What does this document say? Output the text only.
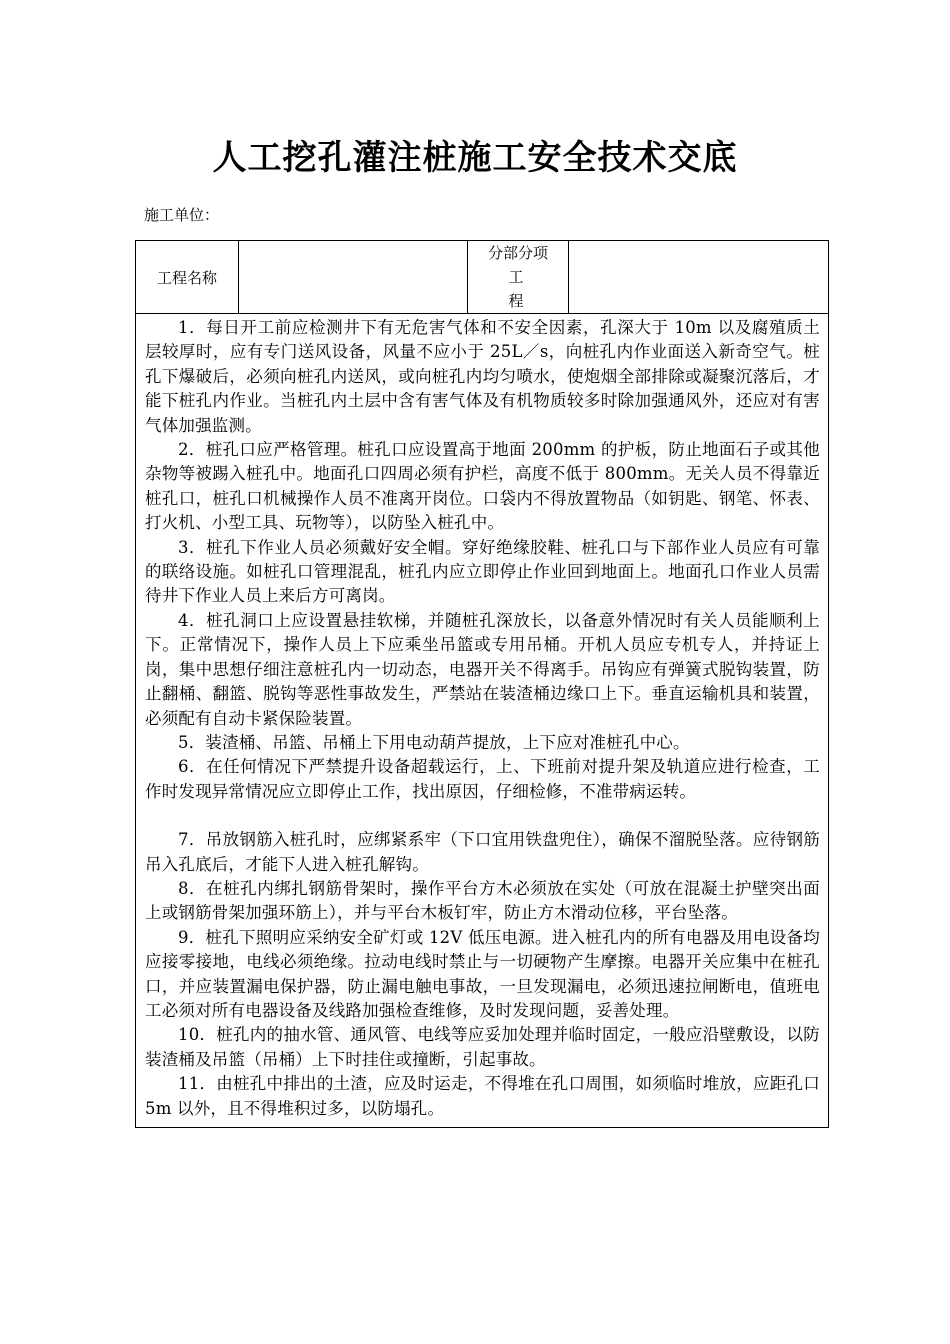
人工挖孔灌注桩施工安全技术交底
施工单位：
工程名称		分部分项
工程

1．每日开工前应检测井下有无危害气体和不安全因素，孔深大于 10m 以及腐殖质土层较厚时，应有专门送风设备，风量不应小于 25L／s，向桩孔内作业面送入新奇空气。桩孔下爆破后，必须向桩孔内送风，或向桩孔内均匀喷水，使炮烟全部排除或凝聚沉落后，才能下桩孔内作业。当桩孔内土层中含有害气体及有机物质较多时除加强通风外，还应对有害气体加强监测。

2．桩孔口应严格管理。桩孔口应设置高于地面 200mm 的护板，防止地面石子或其他杂物等被踢入桩孔中。地面孔口四周必须有护栏，高度不低于 800mm。无关人员不得靠近桩孔口，桩孔口机械操作人员不准离开岗位。口袋内不得放置物品（如钥匙、钢笔、怀表、打火机、小型工具、玩物等），以防坠入桩孔中。

3．桩孔下作业人员必须戴好安全帽。穿好绝缘胶鞋、桩孔口与下部作业人员应有可靠的联络设施。如桩孔口管理混乱，桩孔内应立即停止作业回到地面上。地面孔口作业人员需待井下作业人员上来后方可离岗。

4．桩孔洞口上应设置悬挂软梯，并随桩孔深放长，以备意外情况时有关人员能顺利上下。正常情况下，操作人员上下应乘坐吊篮或专用吊桶。开机人员应专机专人，并持证上岗，集中思想仔细注意桩孔内一切动态，电器开关不得离手。吊钩应有弹簧式脱钩装置，防止翻桶、翻篮、脱钩等恶性事故发生，严禁站在装渣桶边缘口上下。垂直运输机具和装置，必须配有自动卡紧保险装置。

5．装渣桶、吊篮、吊桶上下用电动葫芦提放，上下应对准桩孔中心。

6．在任何情况下严禁提升设备超载运行，上、下班前对提升架及轨道应进行检查，工作时发现异常情况应立即停止工作，找出原因，仔细检修，不准带病运转。

7．吊放钢筋入桩孔时，应绑紧系牢（下口宜用铁盘兜住），确保不溜脱坠落。应待钢筋吊入孔底后，才能下人进入桩孔解钩。

8．在桩孔内绑扎钢筋骨架时，操作平台方木必须放在实处（可放在混凝土护壁突出面上或钢筋骨架加强环筋上），并与平台木板钉牢，防止方木滑动位移，平台坠落。

9．桩孔下照明应采纳安全矿灯或 12V 低压电源。进入桩孔内的所有电器及用电设备均应接零接地，电线必须绝缘。拉动电线时禁止与一切硬物产生摩擦。电器开关应集中在桩孔口，并应装置漏电保护器，防止漏电触电事故，一旦发现漏电，必须迅速拉闸断电，值班电工必须对所有电器设备及线路加强检查维修，及时发现问题，妥善处理。

10．桩孔内的抽水管、通风管、电线等应妥加处理并临时固定，一般应沿壁敷设，以防装渣桶及吊篮（吊桶）上下时挂住或撞断，引起事故。

11．由桩孔中排出的土渣，应及时运走，不得堆在孔口周围，如须临时堆放，应距孔口 5m 以外，且不得堆积过多，以防塌孔。
